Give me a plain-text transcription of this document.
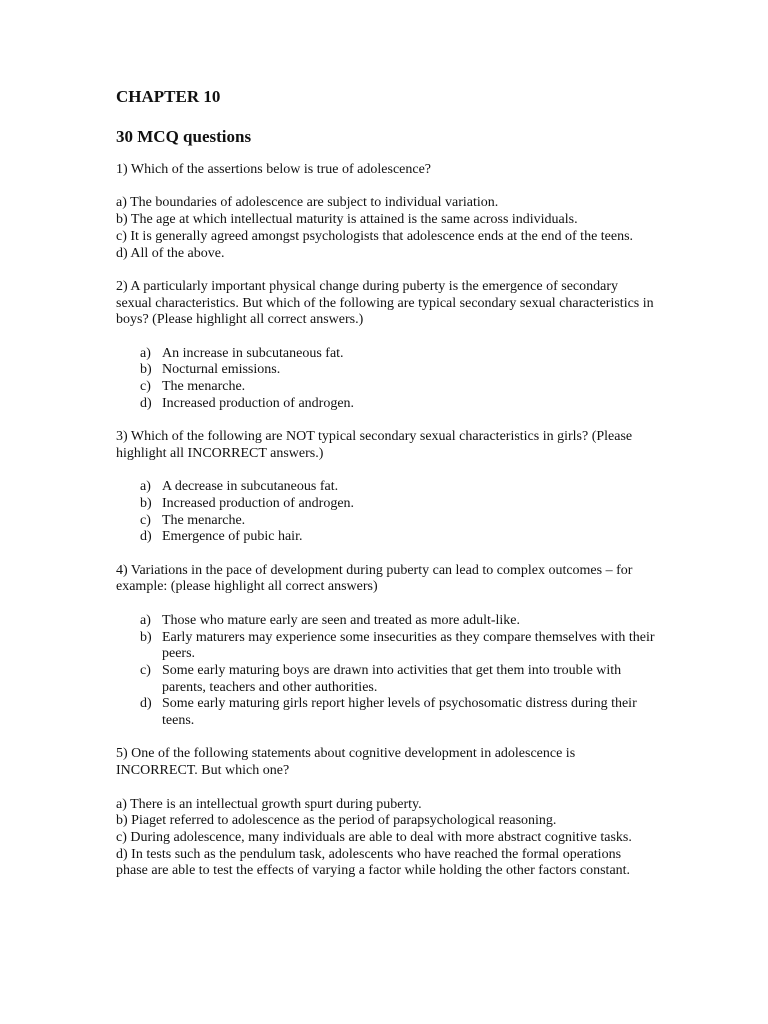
CHAPTER 10
30 MCQ questions

1) Which of the assertions below is true of adolescence?

a) The boundaries of adolescence are subject to individual variation.

b) The age at which intellectual maturity is attained is the same across individuals.

c) It is generally agreed amongst psychologists that adolescence ends at the end of the teens.

d) All of the above.

2) A particularly important physical change during puberty is the emergence of secondary sexual characteristics. But which of the following are typical secondary sexual characteristics in boys? (Please highlight all correct answers.)

a) An increase in subcutaneous fat.
b) Nocturnal emissions.
c) The menarche.
d) Increased production of androgen.

3) Which of the following are NOT typical secondary sexual characteristics in girls? (Please highlight all INCORRECT answers.)

a) A decrease in subcutaneous fat.
b) Increased production of androgen.
c) The menarche.
d) Emergence of pubic hair.

4) Variations in the pace of development during puberty can lead to complex outcomes – for example: (please highlight all correct answers)

a) Those who mature early are seen and treated as more adult-like.
b) Early maturers may experience some insecurities as they compare themselves with their peers.
c) Some early maturing boys are drawn into activities that get them into trouble with parents, teachers and other authorities.
d) Some early maturing girls report higher levels of psychosomatic distress during their teens.

5) One of the following statements about cognitive development in adolescence is INCORRECT. But which one?

a) There is an intellectual growth spurt during puberty.

b) Piaget referred to adolescence as the period of parapsychological reasoning.

c) During adolescence, many individuals are able to deal with more abstract cognitive tasks.

d) In tests such as the pendulum task, adolescents who have reached the formal operations phase are able to test the effects of varying a factor while holding the other factors constant.
